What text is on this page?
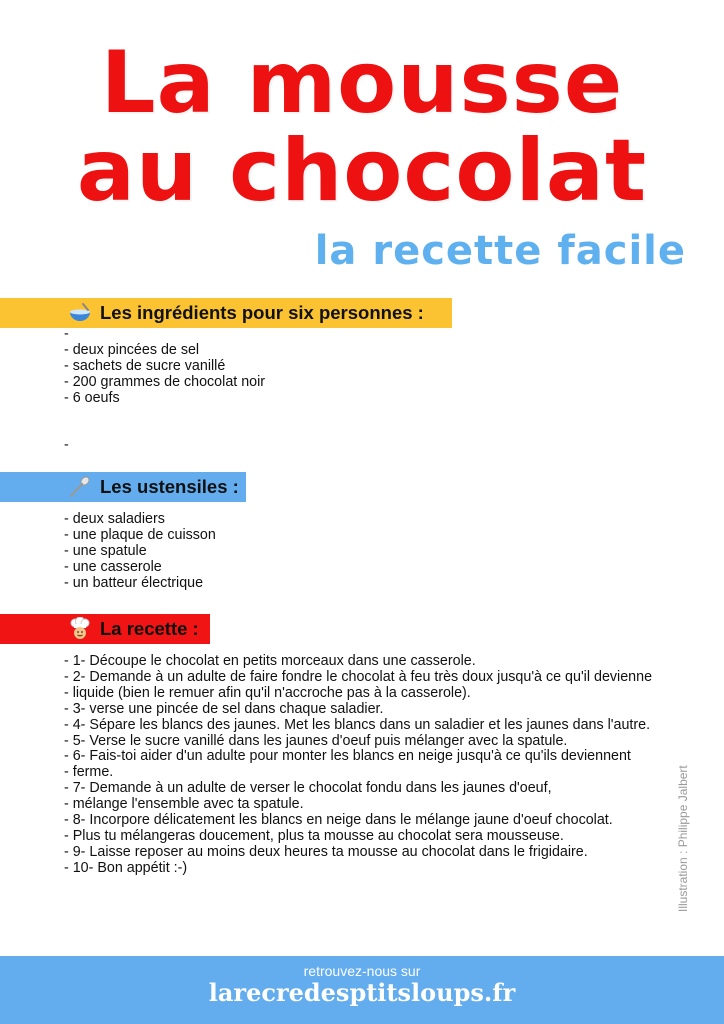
La mousse
au chocolat
la recette facile
Les ingrédients pour six personnes :
-
- deux pincées de sel
- sachets de sucre vanillé
- 200 grammes de chocolat noir
- 6 oeufs

-
Les ustensiles :
- deux saladiers
- une plaque de cuisson
- une spatule
- une casserole
- un batteur électrique
La recette :
- 1- Découpe le chocolat en petits morceaux dans une casserole.
- 2- Demande à un adulte de faire fondre le chocolat à feu très doux jusqu'à ce qu'il devienne
- liquide (bien le remuer afin qu'il n'accroche pas à la casserole).
- 3- verse une pincée de sel dans chaque saladier.
- 4- Sépare les blancs des jaunes. Met les blancs dans un saladier et les jaunes dans l'autre.
- 5- Verse le sucre vanillé dans les jaunes d'oeuf puis mélanger avec la spatule.
- 6- Fais-toi aider d'un adulte pour monter les blancs en neige jusqu'à ce qu'ils deviennent
- ferme.
- 7- Demande à un adulte de verser le chocolat fondu dans les jaunes d'oeuf,
- mélange l'ensemble avec ta spatule.
- 8- Incorpore délicatement les blancs en neige dans le mélange jaune d'oeuf chocolat.
- Plus tu mélangeras doucement, plus ta mousse au chocolat sera mousseuse.
- 9- Laisse reposer au moins deux heures ta mousse au chocolat dans le frigidaire.
- 10- Bon appétit :-)	Illustration : Philippe Jalbert
retrouvez-nous sur
larecredesptitsloups.fr
